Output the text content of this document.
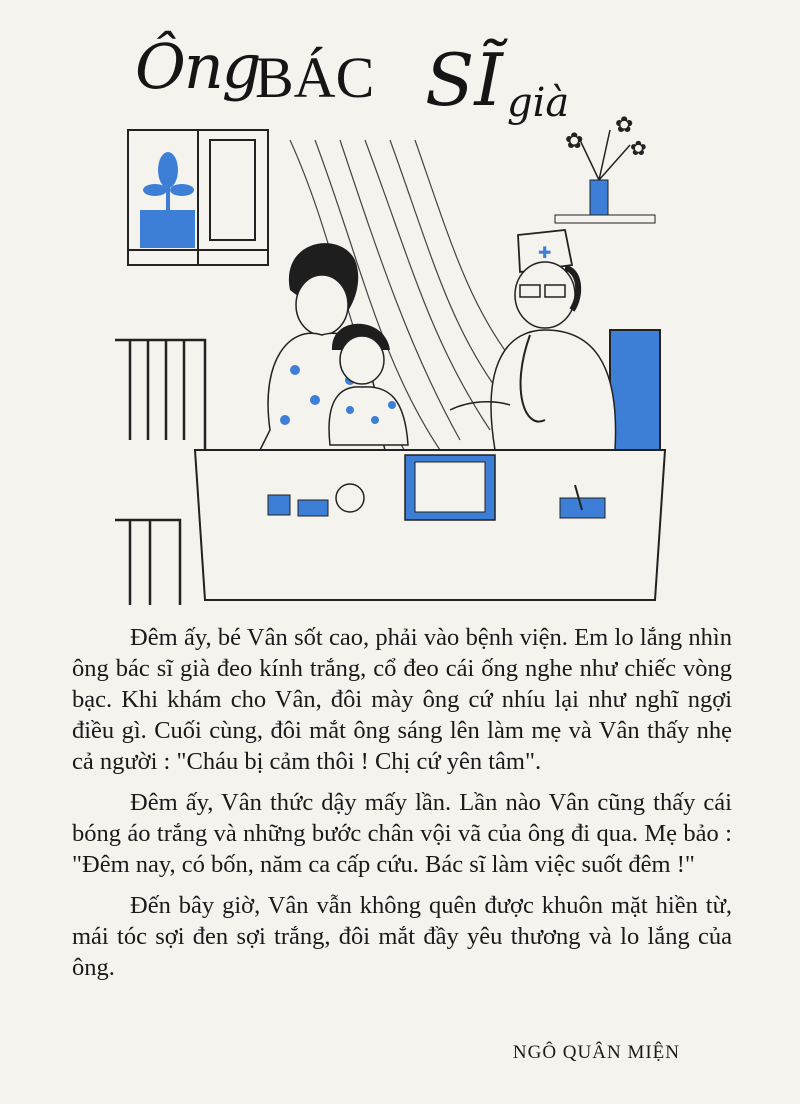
Ông
BÁC SĨ già
✿
✿
✿
✚

Đêm ấy, bé Vân sốt cao, phải vào bệnh viện. Em lo lắng nhìn ông bác sĩ già đeo kính trắng, cổ đeo cái ống nghe như chiếc vòng bạc. Khi khám cho Vân, đôi mày ông cứ nhíu lại như nghĩ ngợi điều gì. Cuối cùng, đôi mắt ông sáng lên làm mẹ và Vân thấy nhẹ cả người : "Cháu bị cảm thôi ! Chị cứ yên tâm".

Đêm ấy, Vân thức dậy mấy lần. Lần nào Vân cũng thấy cái bóng áo trắng và những bước chân vội vã của ông đi qua. Mẹ bảo : "Đêm nay, có bốn, năm ca cấp cứu. Bác sĩ làm việc suốt đêm !"

Đến bây giờ, Vân vẫn không quên được khuôn mặt hiền từ, mái tóc sợi đen sợi trắng, đôi mắt đầy yêu thương và lo lắng của ông.

NGÔ QUÂN MIỆN
